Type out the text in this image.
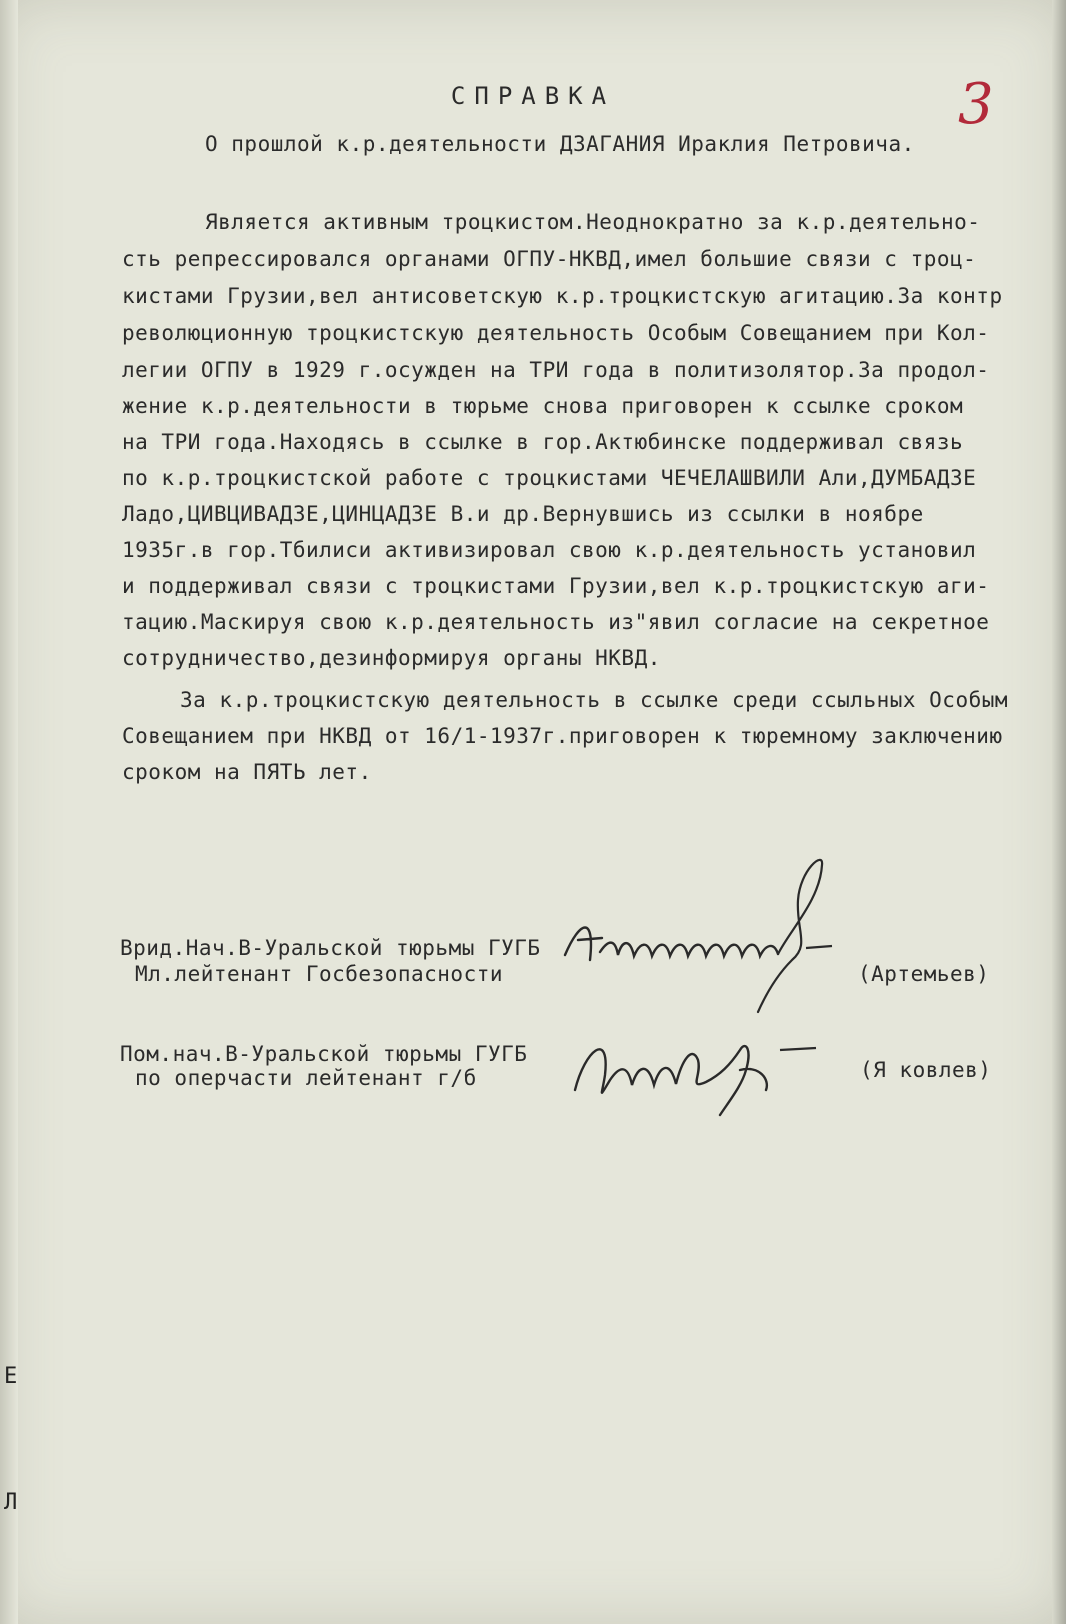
3
СПРАВКА
О прошлой к.р.деятельности ДЗАГАНИЯ Ираклия Петровича.
Является активным троцкистом.Неоднократно за к.р.деятельно-
сть репрессировался органами ОГПУ-НКВД,имел большие связи с троц-
кистами Грузии,вел антисоветскую к.р.троцкистскую агитацию.За контр
революционную троцкистскую деятельность Особым Совещанием при Кол-
легии ОГПУ в 1929 г.осужден на ТРИ года в политизолятор.За продол-
жение к.р.деятельности в тюрьме снова приговорен к ссылке сроком
на ТРИ года.Находясь в ссылке в гор.Актюбинске поддерживал связь
по к.р.троцкистской работе с троцкистами ЧЕЧЕЛАШВИЛИ Али,ДУМБАДЗЕ
Ладо,ЦИВЦИВАДЗЕ,ЦИНЦАДЗЕ В.и др.Вернувшись из ссылки в ноябре
1935г.в гор.Тбилиси активизировал свою к.р.деятельность установил
и поддерживал связи с троцкистами Грузии,вел к.р.троцкистскую аги-
тацию.Маскируя свою к.р.деятельность из"явил согласие на секретное
сотрудничество,дезинформируя органы НКВД.
За к.р.троцкистскую деятельность в ссылке среди ссыльных Особым
Совещанием при НКВД от 16/1-1937г.приговорен к тюремному заключению
сроком на ПЯТЬ лет.
Врид.Нач.В-Уральской тюрьмы ГУГБ
Мл.лейтенант Госбезопасности	(Артемьев)
Пом.нач.В-Уральской тюрьмы ГУГБ
по оперчасти лейтенант г/б	(Я ковлев)
Е
Л
